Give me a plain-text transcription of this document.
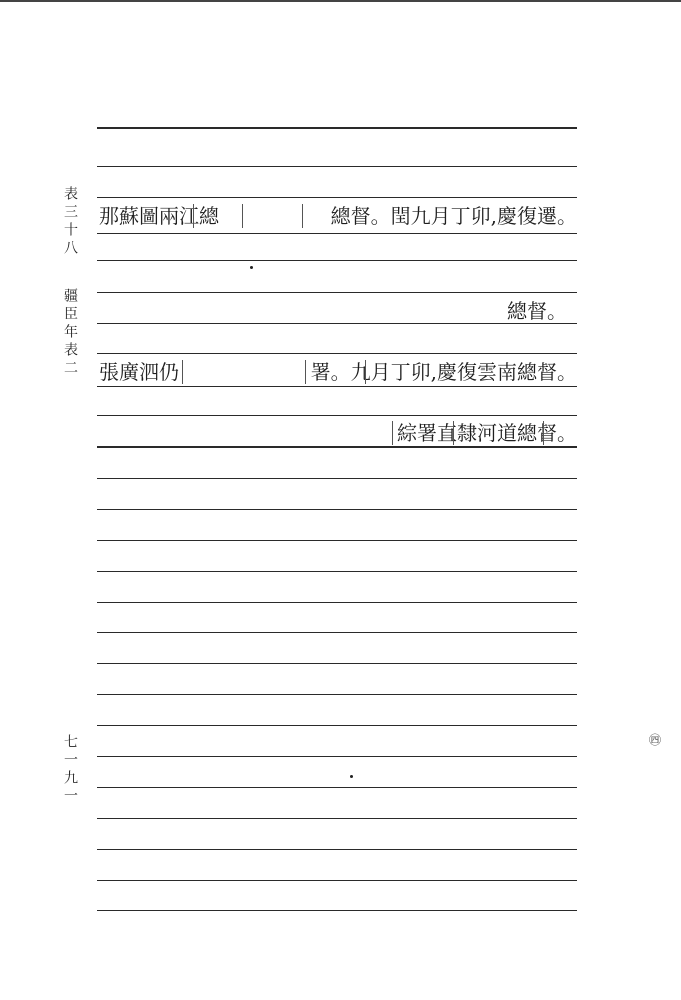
表三十八
疆臣年表二
七一九一
那蘇圖兩江總	總督。閏九月丁卯,慶復遷。
總督。
張廣泗仍	署。九月丁卯,慶復雲南總督。
綜署直隸河道總督。
㊃
